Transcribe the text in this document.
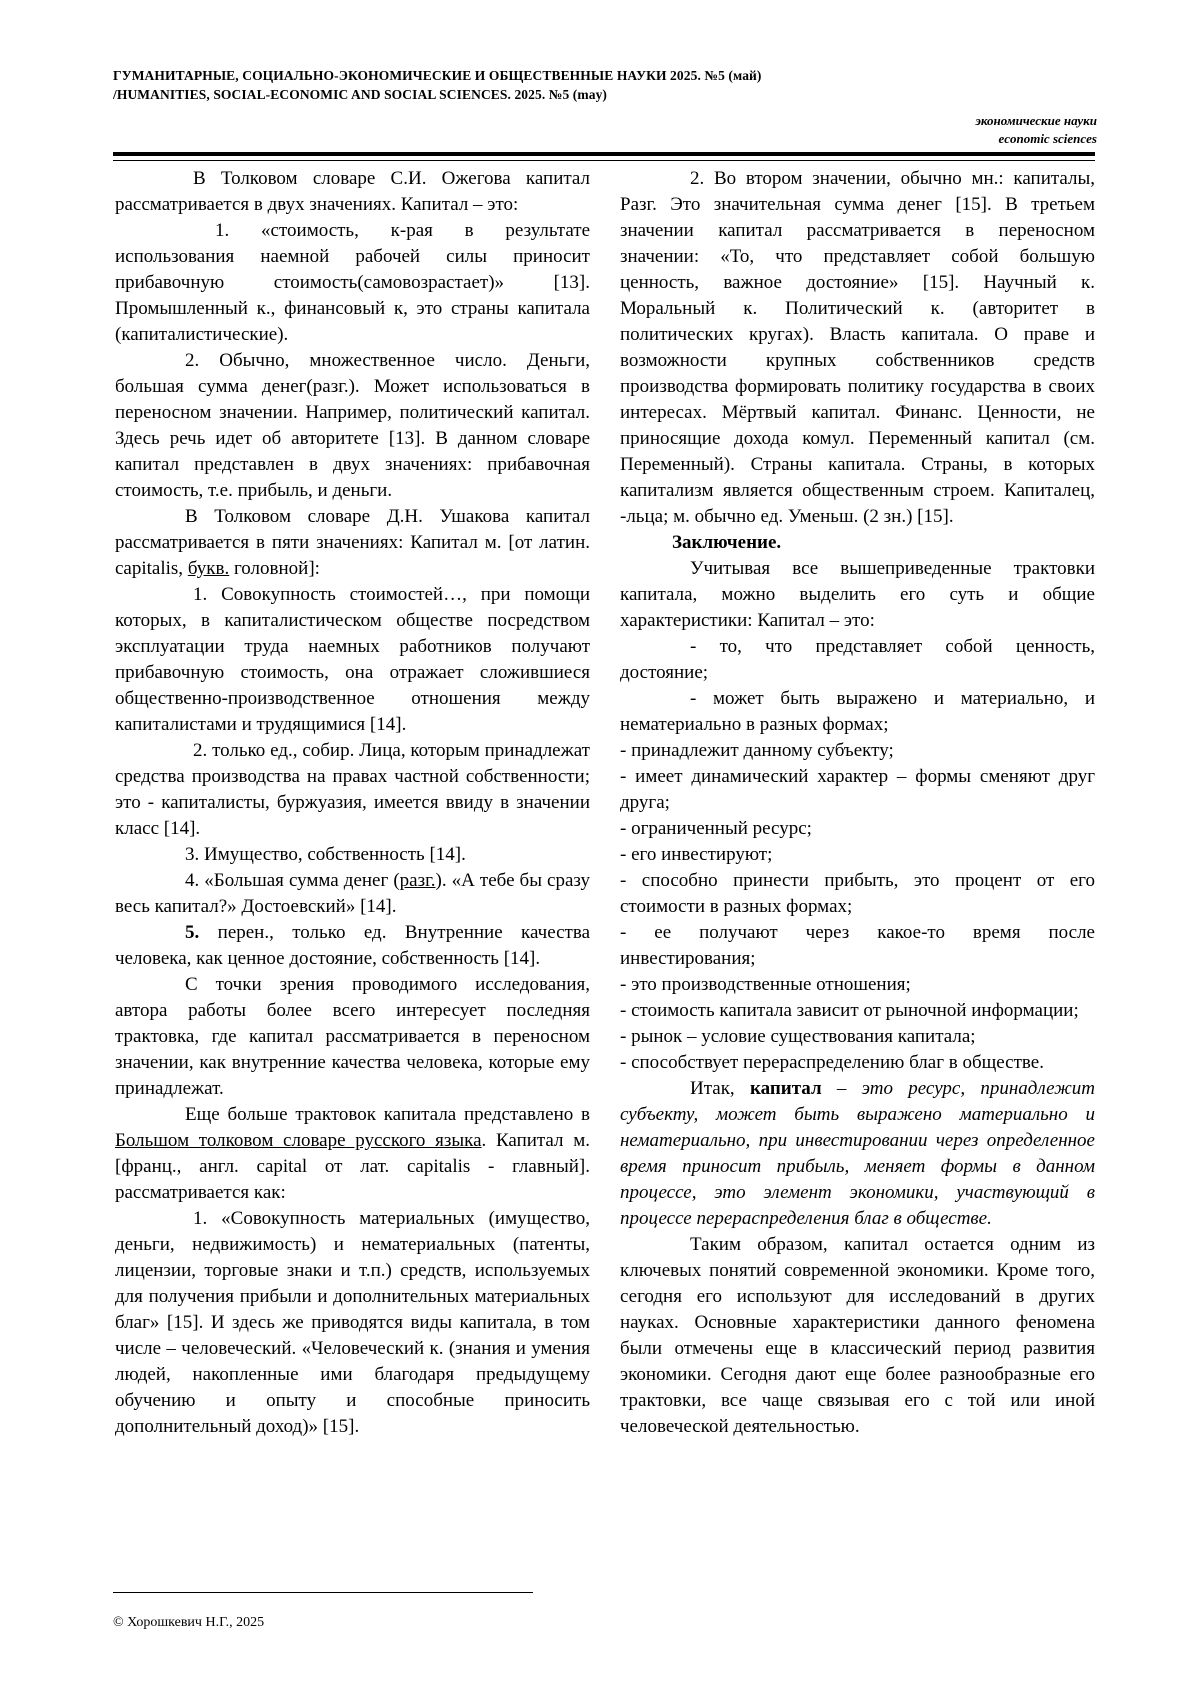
ГУМАНИТАРНЫЕ, СОЦИАЛЬНО-ЭКОНОМИЧЕСКИЕ И ОБЩЕСТВЕННЫЕ НАУКИ 2025. №5 (май)
/HUMANITIES, SOCIAL-ECONOMIC AND SOCIAL SCIENCES. 2025. №5 (may)
экономические науки
economic sciences

В Толковом словаре С.И. Ожегова капитал рассматривается в двух значениях. Капитал – это:

1. «стоимость, к-рая в результате использования наемной рабочей силы приносит прибавочную стоимость(самовозрастает)» [13]. Промышленный к., финансовый к, это страны капитала (капиталистические).

2. Обычно, множественное число. Деньги, большая сумма денег(разг.). Может использоваться в переносном значении. Например, политический капитал. Здесь речь идет об авторитете [13]. В данном словаре капитал представлен в двух значениях: прибавочная стоимость, т.е. прибыль, и деньги.

В Толковом словаре Д.Н. Ушакова капитал рассматривается в пяти значениях: Капитал м. [от латин. capitalis, букв. головной]:

1. Совокупность стоимостей…, при помощи которых, в капиталистическом обществе посредством эксплуатации труда наемных работников получают прибавочную стоимость, она отражает сложившиеся общественно-производственное отношения между капиталистами и трудящимися [14].

2. только ед., собир. Лица, которым принадлежат средства производства на правах частной собственности; это - капиталисты, буржуазия, имеется ввиду в значении класс [14].

3. Имущество, собственность [14].

4. «Большая сумма денег (разг.). «А тебе бы сразу весь капитал?» Достоевский» [14].

5. перен., только ед. Внутренние качества человека, как ценное достояние, собственность [14].

С точки зрения проводимого исследования, автора работы более всего интересует последняя трактовка, где капитал рассматривается в переносном значении, как внутренние качества человека, которые ему принадлежат.

Еще больше трактовок капитала представлено в Большом толковом словаре русского языка. Капитал м. [франц., англ. capital от лат. capitalis - главный]. рассматривается как:

1. «Совокупность материальных (имущество, деньги, недвижимость) и нематериальных (патенты, лицензии, торговые знаки и т.п.) средств, используемых для получения прибыли и дополнительных материальных благ» [15]. И здесь же приводятся виды капитала, в том числе – человеческий. «Человеческий к. (знания и умения людей, накопленные ими благодаря предыдущему обучению и опыту и способные приносить дополнительный доход)» [15].

2. Во втором значении, обычно мн.: капиталы, Разг. Это значительная сумма денег [15]. В третьем значении капитал рассматривается в переносном значении: «То, что представляет собой большую ценность, важное достояние» [15]. Научный к. Моральный к. Политический к. (авторитет в политических кругах). Власть капитала. О праве и возможности крупных собственников средств производства формировать политику государства в своих интересах. Мёртвый капитал. Финанс. Ценности, не приносящие дохода комул. Переменный капитал (см. Переменный). Страны капитала. Страны, в которых капитализм является общественным строем. Капиталец, -льца; м. обычно ед. Уменьш. (2 зн.) [15].

Заключение.

Учитывая все вышеприведенные трактовки капитала, можно выделить его суть и общие характеристики: Капитал – это:

- то, что представляет собой ценность, достояние;

- может быть выражено и материально, и нематериально в разных формах;

- принадлежит данному субъекту;

- имеет динамический характер – формы сменяют друг друга;

- ограниченный ресурс;

- его инвестируют;

- способно принести прибыть, это процент от его стоимости в разных формах;

- ее получают через какое-то время после инвестирования;

- это производственные отношения;

- стоимость капитала зависит от рыночной информации;

- рынок – условие существования капитала;

- способствует перераспределению благ в обществе.

Итак, капитал – это ресурс, принадлежит субъекту, может быть выражено материально и нематериально, при инвестировании через определенное время приносит прибыль, меняет формы в данном процессе, это элемент экономики, участвующий в процессе перераспределения благ в обществе.

Таким образом, капитал остается одним из ключевых понятий современной экономики. Кроме того, сегодня его используют для исследований в других науках. Основные характеристики данного феномена были отмечены еще в классический период развития экономики. Сегодня дают еще более разнообразные его трактовки, все чаще связывая его с той или иной человеческой деятельностью.

© Хорошкевич Н.Г., 2025
